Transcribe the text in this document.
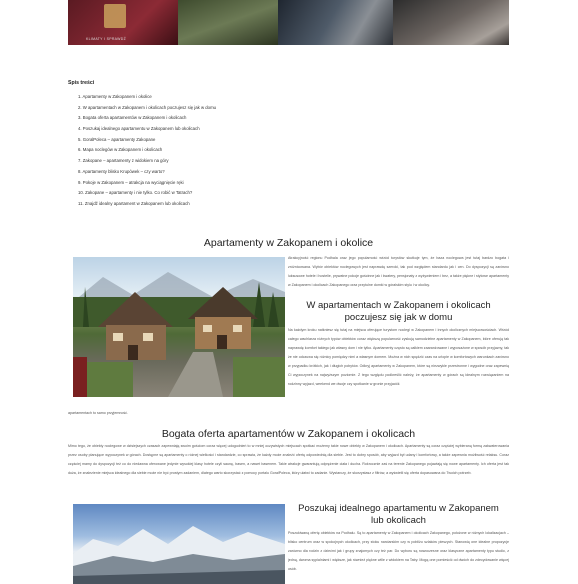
KLIMATY I SPRAWDŹ
Spis treści
1. Apartamenty w Zakopanem i okolice
2. W apartamentach w Zakopanem i okolicach poczujesz się jak w domu
3. Bogata oferta apartamentów w Zakopanem i okolicach
4. Poszukaj idealnego apartamentu w Zakopanem lub okolicach
5. GoralPoleca – apartamenty Zakopane
6. Mapa noclegów w Zakopanem i okolicach
7. Zakopane – apartamenty z widokiem na góry
8. Apartamenty blisko Krupówek – czy warto?
9. Pokoje w Zakopanem – atrakcja na wyciągnięcie ręki
10. Zakopane – apartamenty i nie tylko. Co robić w Tatrach?
11. Znajdź idealny apartament w Zakopanem lub okolicach
Apartamenty w Zakopanem i okolice

Atrakcyjność regionu Podhala oraz jego popularność wśród turystów skutkuje tym, że baza noclegowa jest tutaj bardzo bogata i zróżnicowana. Wybór obiektów noclegowych jest naprawdę szeroki, tak pod względem standardu jak i cen. Do dyspozycji są zarówno luksusowe hotele i hostelie, prywatne pokoje gościnne jak i kwatery, pensjonaty z wyżywieniem i bez, a także piękne i stylowe apartamenty w Zakopanem i okolicach Zakopanego oraz przytulne domki w góralskim stylu i w okolicy.

W apartamentach w Zakopanem i okolicach
poczujesz się jak w domu

Na każdym kroku natkniesz się tutaj na miejsca oferujące turystom noclegi w Zakopanem i innych okolicznych miejscowościach. Wśród całego wachlarza różnych typów obiektów coraz większą popularność zyskują samodzielne apartamenty w Zakopanem, które oferują tak naprawdę komfort takiego jak własny dom i nie tylko. Apartamenty często są całkiem zaaranżowane i wyposażone w sposób przyjazny, tak że nie odczuwa się różnicy pomiędzy nimi a własnym domem. Można w nich spędzić czas na urlopie w komfortowych warunkach zarówno w przypadku krótkich, jak i długich pobytów. Odkryj apartamenty w Zakopanem, które są niezwykle przestronne i wygodne oraz zapewnią Ci wypoczynek na najwyższym poziomie. Z tego względu podkreślić należy, że apartamenty w górach są idealnym rozwiązaniem na rodzinny wyjazd, weekend we dwoje czy spotkanie w gronie przyjaciół.

apartamentach to samo przyjemność.

Bogata oferta apartamentów w Zakopanem i okolicach

Mimo tego, że obiekty noclegowe w dzisiejszych czasach zapewniają swoim gościom coraz więcej udogodnień to w mniej oczywistych miejscach spotkać możemy takie nowe obiekty w Zakopanem i okolicach. Apartamenty są coraz częściej wybieraną formą zakwaterowania przez osoby planujące wypoczynek w górach. Dostępne są apartamenty o różnej wielkości i standardzie, co sprawia, że każdy może znaleźć ofertę odpowiednią dla siebie. Jest to dobry sposób, aby wyjazd był udany i komfortowy, a także zapewnia możliwość relaksu. Coraz częściej mamy do dyspozycji też co do niedawna oferowane jedynie wysokiej klasy hotele czyli saunę, basen, a nawet basenem. Takie atrakcje gwarantują odprężenie ciała i ducha. Rokrocznie zaś na terenie Zakopanego pojawiają się nowe apartamenty. Ich oferta jest tak duża, że znalezienie miejsca idealnego dla siebie może nie być prostym zadaniem, dlatego warto skorzystać z pomocy portalu GoralPoleca, który ułatwi to zadanie. Wystarczy, że skorzystasz z filtrów, a wyświetli się oferta dopasowana do Twoich potrzeb.

Poszukaj idealnego apartamentu w Zakopanem
lub okolicach

Poszukiwaną ofertę obiektów na Podhalu. Są to apartamenty w Zakopanem i okolicach Zakopanego, położone w różnych lokalizacjach – blisko centrum oraz w spokojnych okolicach, przy stoku narciarskim czy w pobliżu szlaków pieszych. Stanowią one idealne propozycje zarówno dla rodzin z dziećmi jak i grupy znajomych czy też par. Do wyboru są nowoczesne oraz klasyczne apartamenty typu studio, z jedną, dwoma sypialniami i większe, jak również piękne wille z widokiem na Tatry. Mogą one pomieścić od dwóch do zdecydowanie więcej osób.
